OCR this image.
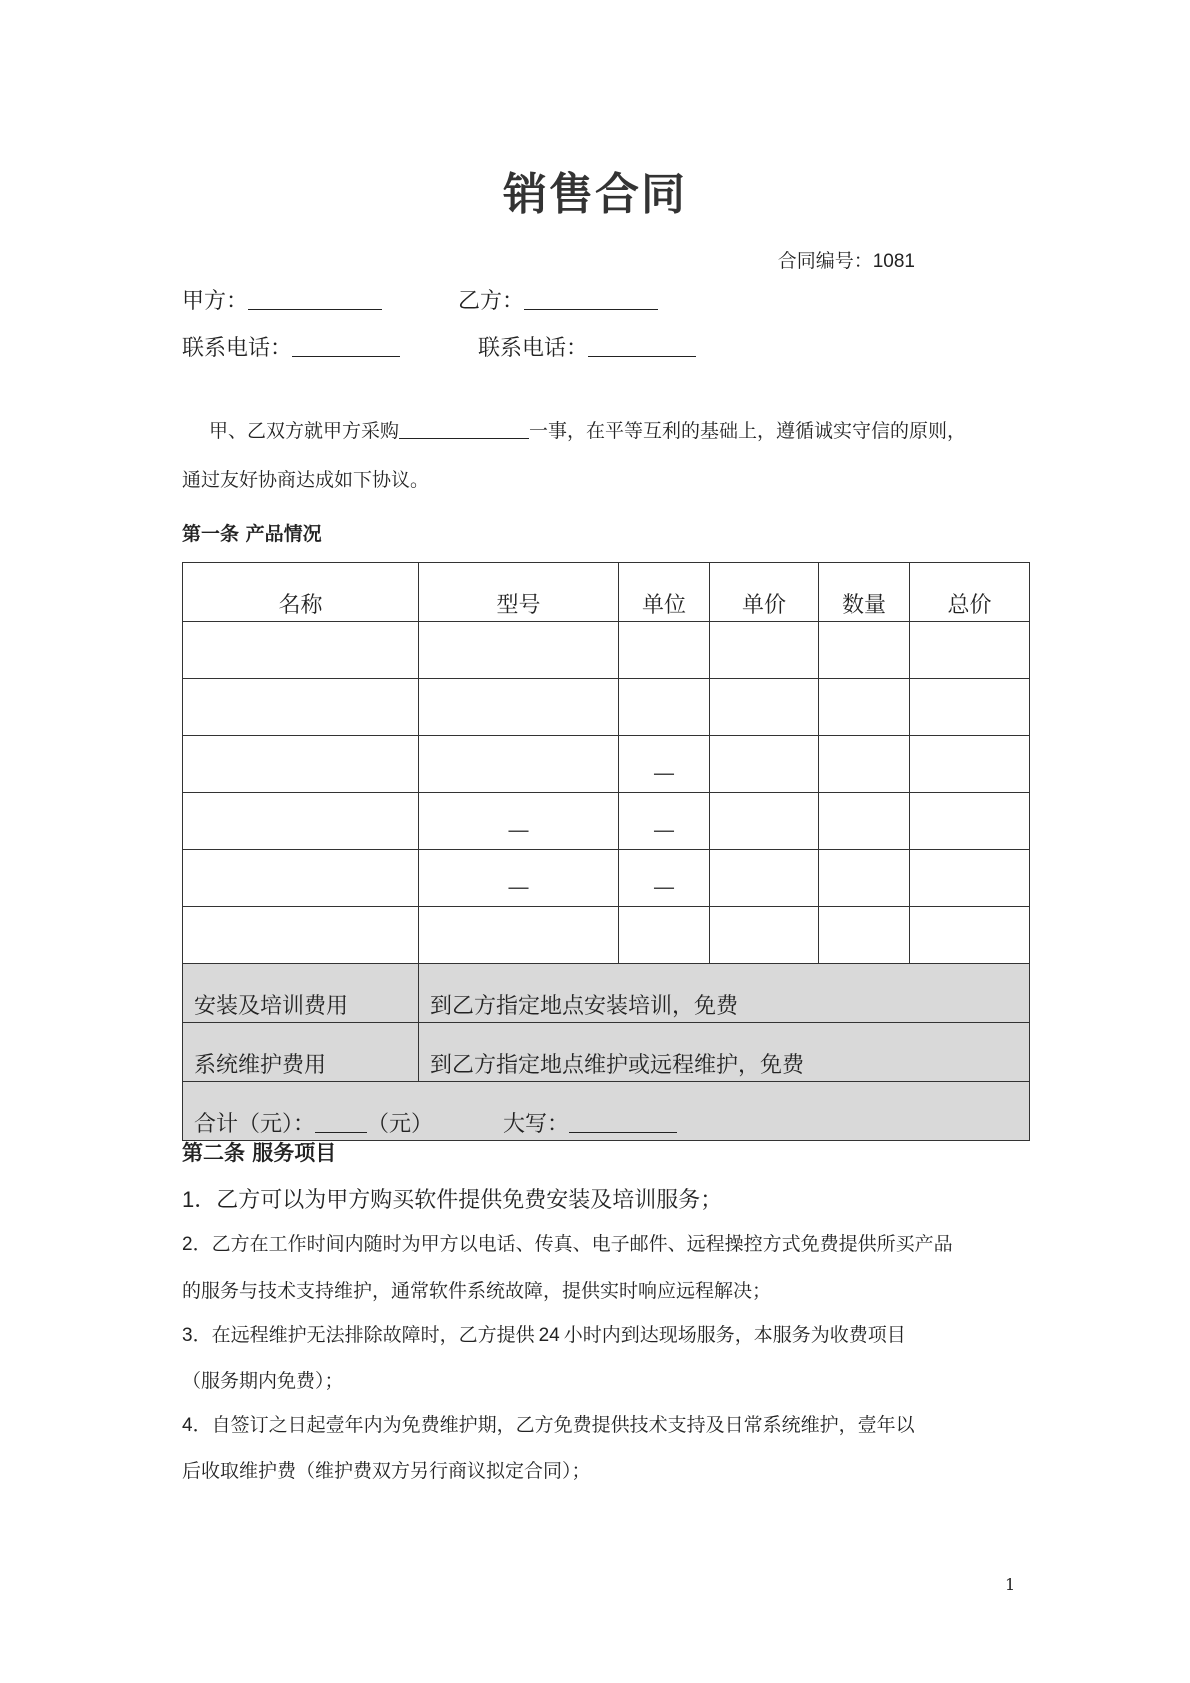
销售合同
合同编号：1081
甲方：	乙方：
联系电话：	联系电话：
甲、乙双方就甲方采购	一事，在平等互利的基础上，遵循诚实守信的原则，
通过友好协商达成如下协议。
第一条 产品情况
名称	型号	单位	单价	数量	总价

		—			

	—	—			

	—	—			

安装及培训费用	到乙方指定地点安装培训，免费				
系统维护费用	到乙方指定地点维护或远程维护，免费				
合计（元）： （元） 大写：					
第二条 服务项目
1．乙方可以为甲方购买软件提供免费安装及培训服务；
2．乙方在工作时间内随时为甲方以电话、传真、电子邮件、远程操控方式免费提供所买产品
的服务与技术支持维护，通常软件系统故障，提供实时响应远程解决；
3．在远程维护无法排除故障时，乙方提供 24 小时内到达现场服务，本服务为收费项目
（服务期内免费）；
4．自签订之日起壹年内为免费维护期，乙方免费提供技术支持及日常系统维护，壹年以
后收取维护费（维护费双方另行商议拟定合同）；
1
